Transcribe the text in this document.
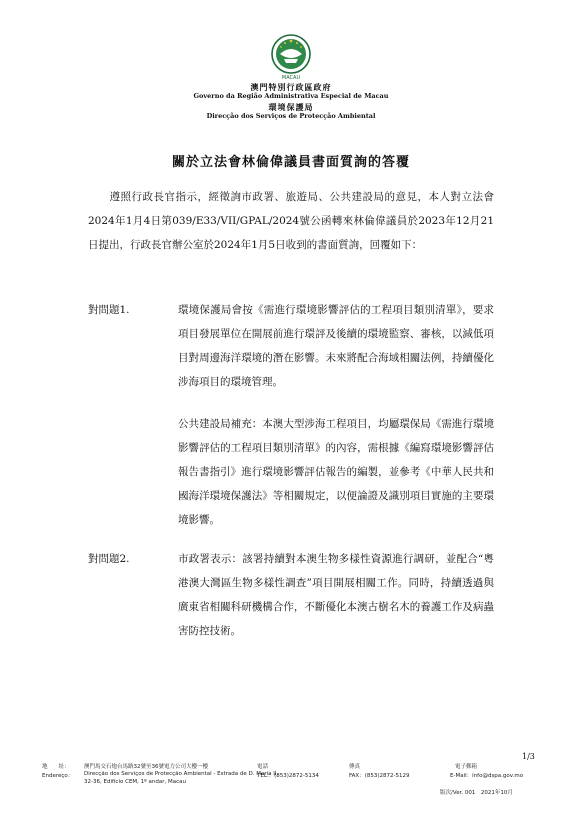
MACAU
澳門特別行政區政府
Governo da Região Administrativa Especial de Macau
環境保護局
Direcção dos Serviços de Protecção Ambiental
關於立法會林倫偉議員書面質詢的答覆
遵照行政長官指示，經徵詢市政署、旅遊局、公共建設局的意見，本人對立法會2024年1月4日第039/E33/VII/GPAL/2024號公函轉來林倫偉議員於2023年12月21日提出，行政長官辦公室於2024年1月5日收到的書面質詢，回覆如下：
對問題1.	環境保護局會按《需進行環境影響評估的工程項目類別清單》，要求項目發展單位在開展前進行環評及後續的環境監察、審核，以減低項目對周邊海洋環境的潛在影響。未來將配合海域相關法例，持續優化涉海項目的環境管理。
公共建設局補充：本澳大型涉海工程項目，均屬環保局《需進行環境影響評估的工程項目類別清單》的內容，需根據《編寫環境影響評估報告書指引》進行環境影響評估報告的編製，並參考《中華人民共和國海洋環境保護法》等相關規定，以便論證及識別項目實施的主要環境影響。
對問題2.	市政署表示：該署持續對本澳生物多樣性資源進行調研，並配合“粵港澳大灣區生物多樣性調查”項目開展相關工作。同時，持續透過與廣東省相關科研機構合作，不斷優化本澳古樹名木的養護工作及病蟲害防控技術。
1/3
地　　址：	澳門馬交石炮台馬路32號至36號電力公司大樓一樓
Endereço： Direcção dos Serviços de Protecção Ambiental - Estrada de D. Maria II,
32-36, Edifício CEM, 1º andar, Macau
電話
TEL.：(853)2872-5134
傳真
FAX：(853)2872-5129
電子郵箱
E-Mail：info@dspa.gov.mo
版次/Ver. 001　2021年10月
